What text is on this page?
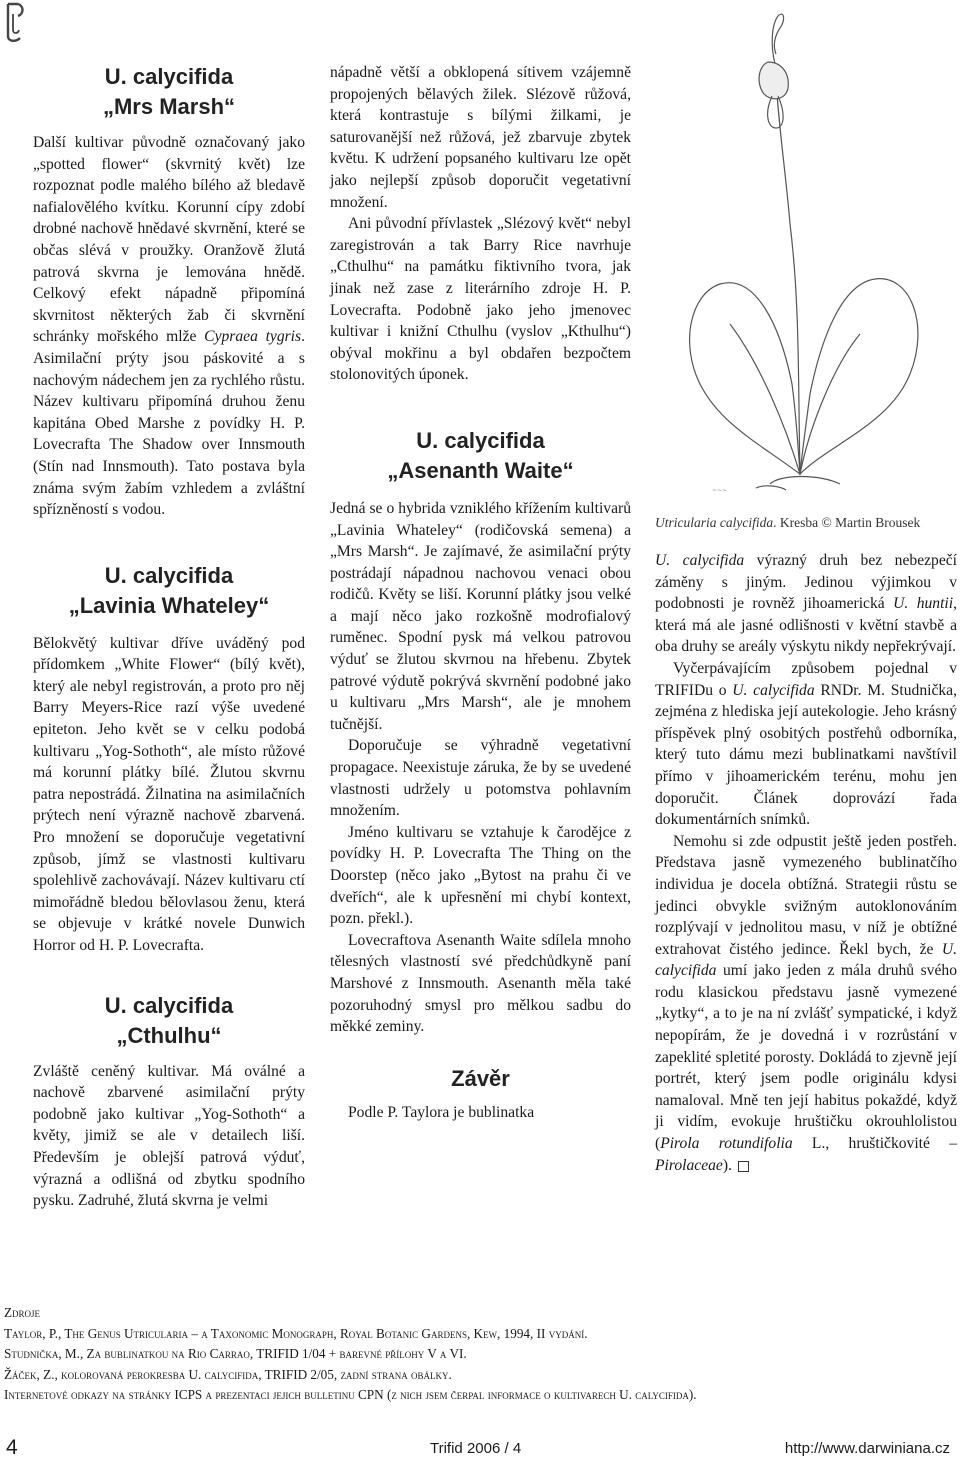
~~~

U. calycifida

„Mrs Marsh“

Další kultivar původně označovaný jako „spotted flower“ (skvrnitý květ) lze rozpoznat podle malého bílého až bledavě nafialovělého kvítku. Korunní cípy zdobí drobné nachově hnědavé skvrnění, které se občas slévá v proužky. Oranžově žlutá patrová skvrna je lemována hnědě. Celkový efekt nápadně připomíná skvrnitost některých žab či skvrnění schránky mořského mlže Cypraea tygris. Asimilační prýty jsou páskovité a s nachovým nádechem jen za rychlého růstu. Název kultivaru připomíná druhou ženu kapitána Obed Marshe z povídky H. P. Lovecrafta The Shadow over Innsmouth (Stín nad Innsmouth). Tato postava byla známa svým žabím vzhledem a zvláštní spřízněností s vodou.

U. calycifida

„Lavinia Whateley“

Bělokvětý kultivar dříve uváděný pod přídomkem „White Flower“ (bílý květ), který ale nebyl registrován, a proto pro něj Barry Meyers-Rice razí výše uvedené epiteton. Jeho květ se v celku podobá kultivaru „Yog-Sothoth“, ale místo růžové má korunní plátky bílé. Žlutou skvrnu patra nepostrádá. Žilnatina na asimilačních prýtech není výrazně nachově zbarvená. Pro množení se doporučuje vegetativní způsob, jímž se vlastnosti kultivaru spolehlivě zachovávají. Název kultivaru ctí mimořádně bledou bělovlasou ženu, která se objevuje v krátké novele Dunwich Horror od H. P. Lovecrafta.

U. calycifida

„Cthulhu“

Zvláště ceněný kultivar. Má oválné a nachově zbarvené asimilační prýty podobně jako kultivar „Yog-Sothoth“ a květy, jimiž se ale v detailech liší. Především je oblejší patrová výduť, výrazná a odlišná od zbytku spodního pysku. Zadruhé, žlutá skvrna je velmi

nápadně větší a obklopená sítivem vzájemně propojených bělavých žilek. Slézově růžová, která kontrastuje s bílými žilkami, je saturovanější než růžová, jež zbarvuje zbytek květu. K udržení popsaného kultivaru lze opět jako nejlepší způsob doporučit vegetativní množení.

Ani původní přívlastek „Slézový květ“ nebyl zaregistrován a tak Barry Rice navrhuje „Cthulhu“ na památku fiktivního tvora, jak jinak než zase z literárního zdroje H. P. Lovecrafta. Podobně jako jeho jmenovec kultivar i knižní Cthulhu (vyslov „Kthulhu“) obýval mokřinu a byl obdařen bezpočtem stolonovitých úponek.

U. calycifida

„Asenanth Waite“

Jedná se o hybrida vzniklého křížením kultivarů „Lavinia Whateley“ (rodičovská semena) a „Mrs Marsh“. Je zajímavé, že asimilační prýty postrádají nápadnou nachovou venaci obou rodičů. Květy se liší. Korunní plátky jsou velké a mají něco jako rozkošně modrofialový ruměnec. Spodní pysk má velkou patrovou výduť se žlutou skvrnou na hřebenu. Zbytek patrové výdutě pokrývá skvrnění podobné jako u kultivaru „Mrs Marsh“, ale je mnohem tučnější.

Doporučuje se výhradně vegetativní propagace. Neexistuje záruka, že by se uvedené vlastnosti udržely u potomstva pohlavním množením.

Jméno kultivaru se vztahuje k čarodějce z povídky H. P. Lovecrafta The Thing on the Doorstep (něco jako „Bytost na prahu či ve dveřích“, ale k upřesnění mi chybí kontext, pozn. překl.).

Lovecraftova Asenanth Waite sdílela mnoho tělesných vlastností své předchůdkyně paní Marshové z Innsmouth. Asenanth měla také pozoruhodný smysl pro mělkou sadbu do měkké zeminy.

Závěr

Podle P. Taylora je bublinatka

Utricularia calycifida. Kresba © Martin Brousek

U. calycifida výrazný druh bez nebezpečí záměny s jiným. Jedinou výjimkou v podobnosti je rovněž jihoamerická U. huntii, která má ale jasné odlišnosti v květní stavbě a oba druhy se areály výskytu nikdy nepřekrývají.

Vyčerpávajícím způsobem pojednal v TRIFIDu o U. calycifida RNDr. M. Studnička, zejména z hlediska její autekologie. Jeho krásný příspěvek plný osobitých postřehů odborníka, který tuto dámu mezi bublinatkami navštívil přímo v jihoamerickém terénu, mohu jen doporučit. Článek doprovází řada dokumentárních snímků.

Nemohu si zde odpustit ještě jeden postřeh. Představa jasně vymezeného bublinatčího individua je docela obtížná. Strategii růstu se jedinci obvykle svižným autoklonováním rozplývají v jednolitou masu, v níž je obtížné extrahovat čistého jedince. Řekl bych, že U. calycifida umí jako jeden z mála druhů svého rodu klasickou představu jasně vymezené „kytky“, a to je na ní zvlášť sympatické, i když nepopírám, že je dovedná i v rozrůstání v zapeklité spletité porosty. Dokládá to zjevně její portrét, který jsem podle originálu kdysi namaloval. Mně ten její habitus pokaždé, když ji vidím, evokuje hruštičku okrouhlolistou (Pirola rotundifolia L., hruštičkovité – Pirolaceae).

Zdroje

Taylor, P., The Genus Utricularia – a Taxonomic Monograph, Royal Botanic Gardens, Kew, 1994, II vydání.

Studnička, M., Za bublinatkou na Rio Carrao, TRIFID 1/04 + barevné přílohy V a VI.

Žáček, Z., kolorovaná perokresba U. calycifida, TRIFID 2/05, zadní strana obálky.

Internetové odkazy na stránky ICPS a prezentaci jejich bulletinu CPN (z nich jsem čerpal informace o kultivarech U. calycifida).

4	Trifid 2006 / 4	http://www.darwiniana.cz
